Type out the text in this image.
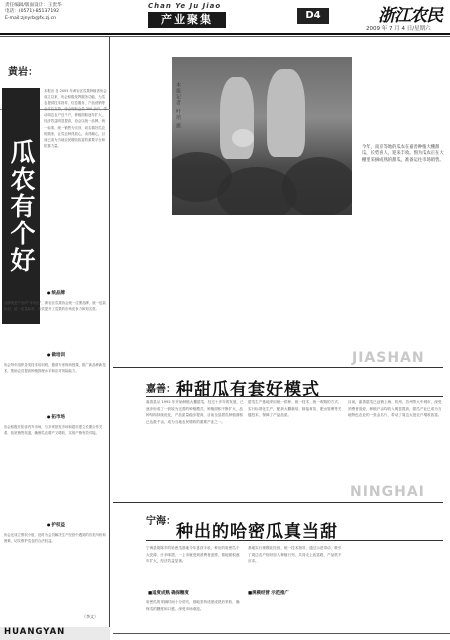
责任编辑/版面设计：王贵华
电话：(0571)-85137192
E-mail:zjnyrb@fx.zj.cn
Chan Ye Ju Jiao
产业聚集	D4	浙江农民
2009 年 7 月 4 日/星期六
黄岩：
瓜农有个好
本报讯 自 2005 年黄岩区瓜果种植者协会成立以来，协会积极发挥服务功能，为瓜农提供技术指导、信息服务、产品营销等全方位支持，协会现有会员 300 余户，带动周边农户近千户，种植面积逐年扩大，经济效益明显提高，协会以统一品牌、统一标准、统一销售为宗旨，切实做好瓜农的娘家，让瓜农种得放心，卖得顺心，目前已成为当地农民增收致富的重要平台和依靠力量。
● 统品牌
品牌就是产品的“身份证”，黄岩区瓜果协会统一注册品牌，统一包装标识，统一质量标准，有效提升了瓜果的市场竞争力和知名度。
● 做培训
协会每年组织各类技术培训班，邀请专家现场授课，推广新品种新技术，帮助会员提高种植管理水平和应对风险能力。
● 拓市场
协会积极开拓省内外市场，与多家批发市场和超市建立长期合作关系，拓宽销售渠道，确保瓜农增产又增收，实现产销有效对接。
● 护权益
协会还成立维权小组，及时为会员解决生产经营中遇到的各类纠纷和困难，切实维护瓜农的合法权益。
（李文）
HUANGYAN
本报记者 叶培 摄
今年，南京等地的瓜农在嘉善种植大棚甜瓜，长势喜人，迎来丰收。图为瓜农正在大棚里采摘成熟的甜瓜，准备运往市场销售。
JIASHAN
嘉善： 种甜瓜有套好模式
嘉善县从 1992 年开始种植大棚甜瓜，经过十多年的发展，已逐步形成了一套较为完善的种植模式，种植面积不断扩大，品种结构持续优化，产品质量稳步提高，目前全县甜瓜种植面积已达数千亩，成为当地农民增收的重要产业之一。
甜瓜生产基地采用统一供种、统一技术、统一收购的方式，实行标准化生产，配套大棚栽培、嫁接育苗、肥水管理等关键技术，保障了产品品质。
目前，嘉善甜瓜已远销上海、杭州、苏州等大中城市，深受消费者喜爱，种植户亩均收入明显提高，甜瓜产业已成为当地特色农业的一张金名片，带动了周边大批农户增收致富。
NINGHAI
宁海：
种出的哈密瓜真当甜
宁海县胡陈乡的哈密瓜基地今年喜获丰收，种出的哈密瓜个大皮薄、汁多味甜，一上市就受到消费者追捧，基地面积逐年扩大，经济效益显著。
■ 适度成熟 确保糖度
哈密瓜的采摘时间十分讲究，基地坚持适度成熟后采收，确保瓜的糖度和口感，深受市场欢迎。
■ 规模经营 示范推广
基地实行规模化经营，统一技术指导，通过示范带动，吸引了周边农户纷纷加入种植行列，共同走上致富路，产品供不应求。
